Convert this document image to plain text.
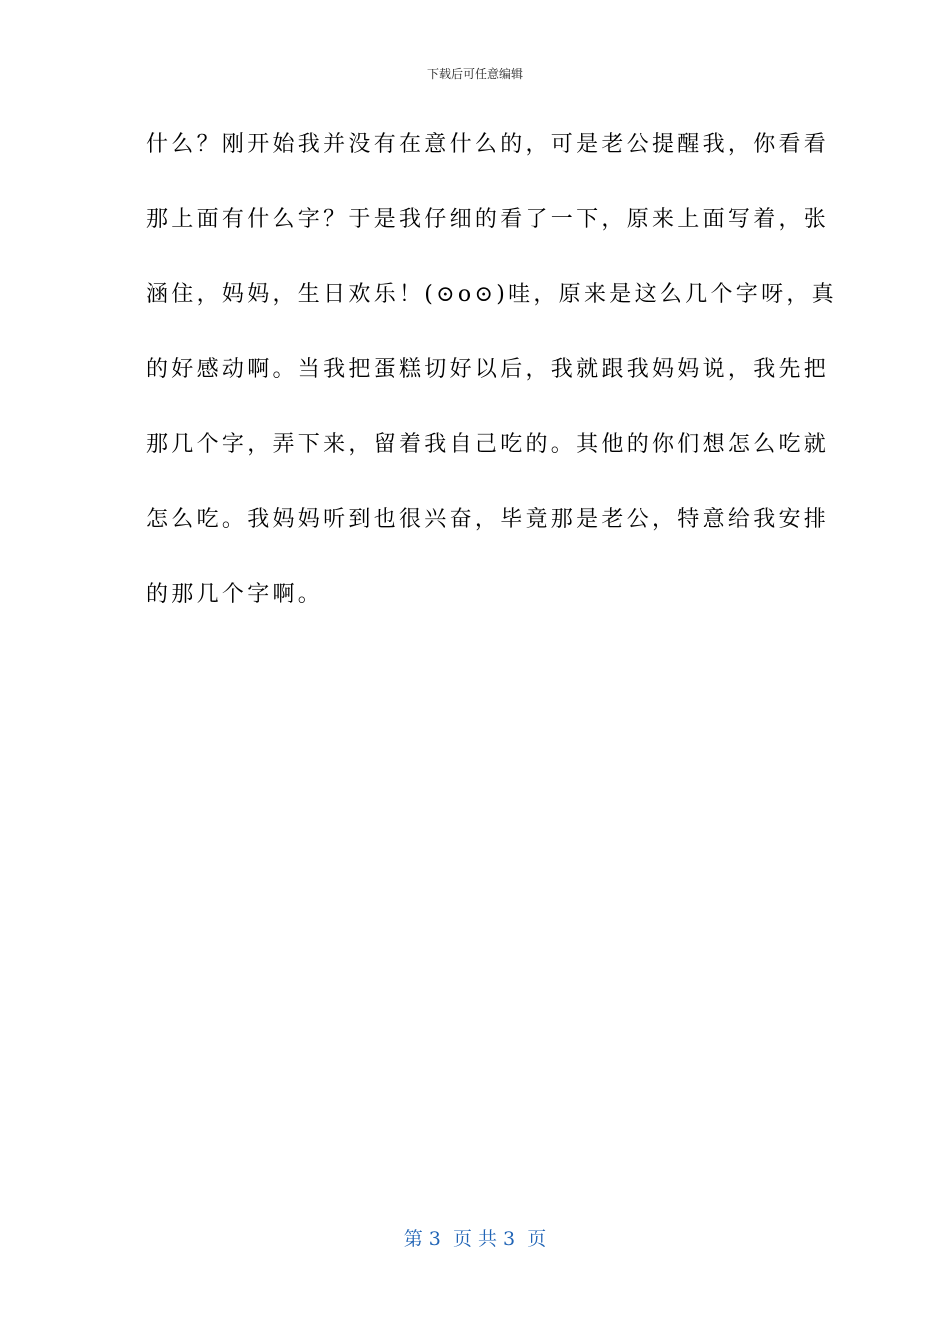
下载后可任意编辑
什么？刚开始我并没有在意什么的，可是老公提醒我，你看看
那上面有什么字？于是我仔细的看了一下，原来上面写着，张
涵住，妈妈，生日欢乐！(⊙o⊙)哇，原来是这么几个字呀，真
的好感动啊。当我把蛋糕切好以后，我就跟我妈妈说，我先把
那几个字，弄下来，留着我自己吃的。其他的你们想怎么吃就
怎么吃。我妈妈听到也很兴奋，毕竟那是老公，特意给我安排
的那几个字啊。
第 3  页 共 3  页
